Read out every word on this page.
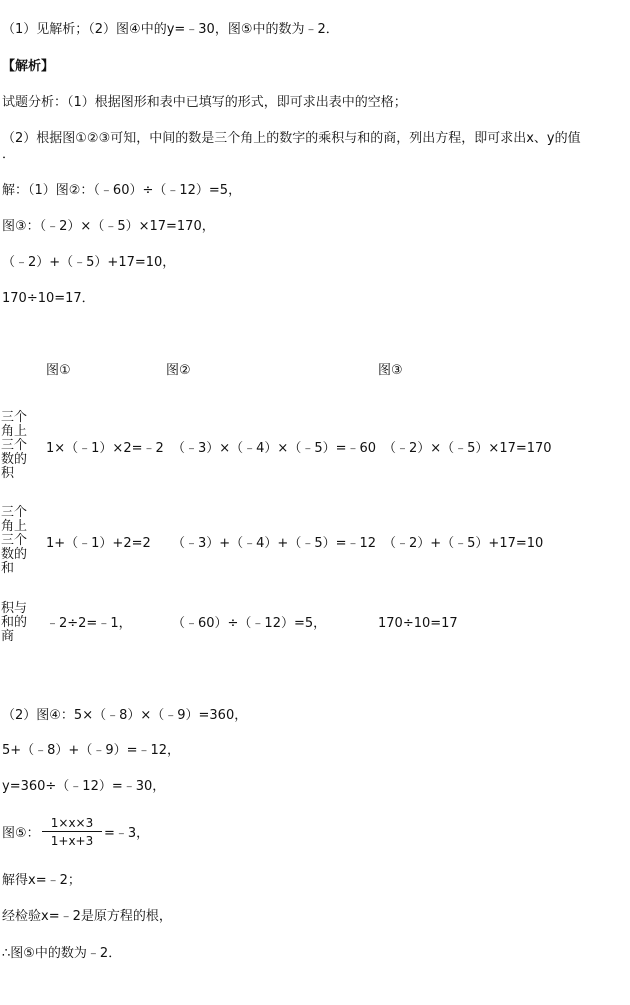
（1）见解析；（2）图④中的y=﹣30，图⑤中的数为﹣2．
【解析】
试题分析：（1）根据图形和表中已填写的形式，即可求出表中的空格；
（2）根据图①②③可知，中间的数是三个角上的数字的乘积与和的商，列出方程，即可求出x、y的值
．
解：（1）图②：（﹣60）÷（﹣12）=5，
图③：（﹣2）×（﹣5）×17=170，
（﹣2）+（﹣5）+17=10，
170÷10=17．
图①	图②	图③
三个角上三个数的积
1×（﹣1）×2=﹣2 （﹣3）×（﹣4）×（﹣5）=﹣60 （﹣2）×（﹣5）×17=170
三个角上三个数的和
1+（﹣1）+2=2 （﹣3）+（﹣4）+（﹣5）=﹣12 （﹣2）+（﹣5）+17=10
积与和的商
﹣2÷2=﹣1，	（﹣60）÷（﹣12）=5，	170÷10=17
（2）图④：5×（﹣8）×（﹣9）=360，
5+（﹣8）+（﹣9）=﹣12，
y=360÷（﹣12）=﹣30，
图⑤：
1×x×3
1+x+3 =﹣3，
解得x=﹣2；
经检验x=﹣2是原方程的根，
∴图⑤中的数为﹣2．
